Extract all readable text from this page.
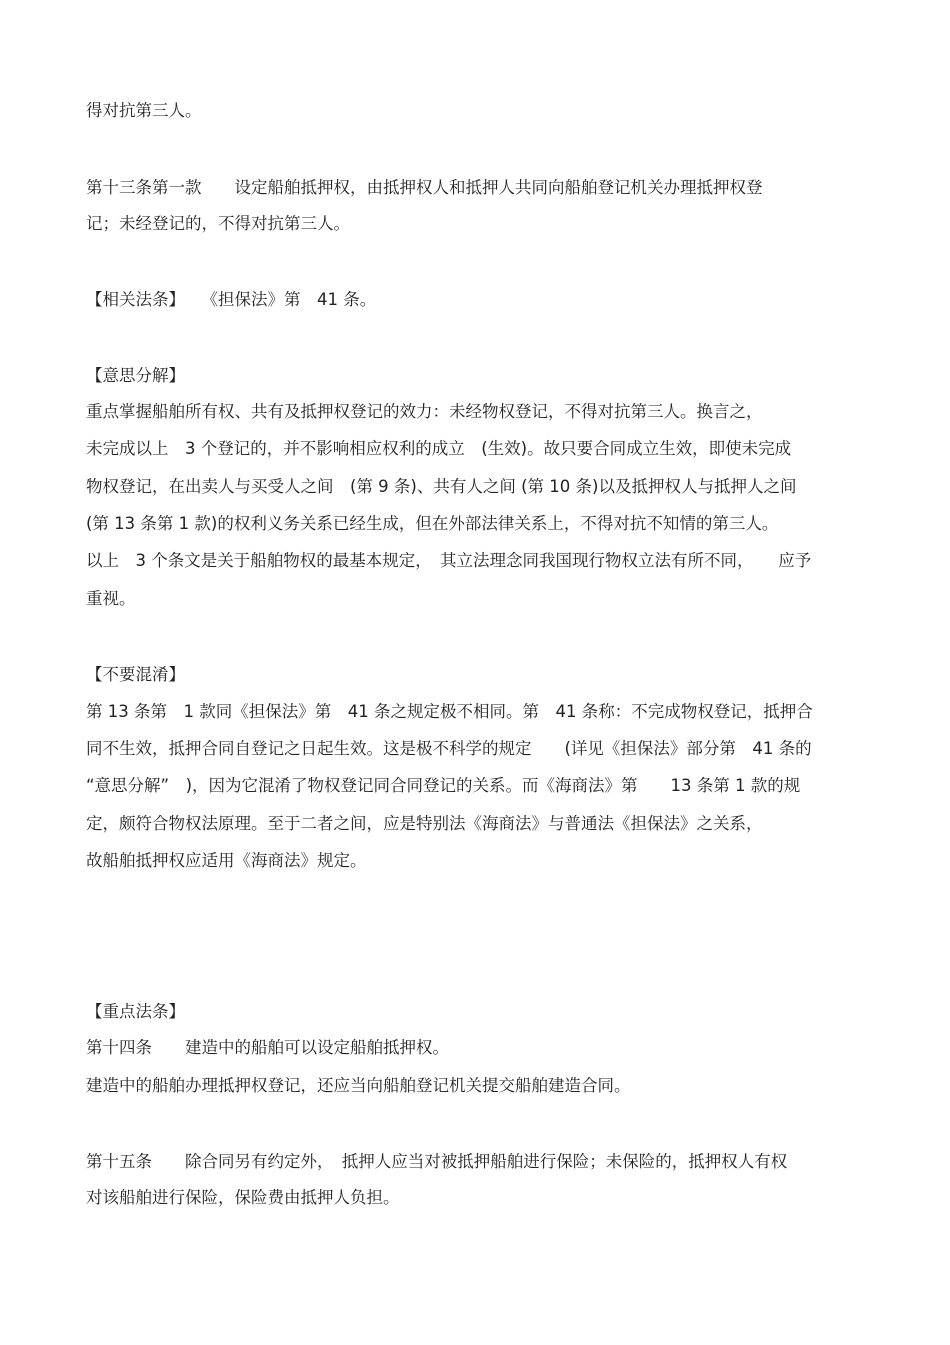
得对抗第三人。
第十三条第一款　　设定船舶抵押权，由抵押权人和抵押人共同向船舶登记机关办理抵押权登
记；未经登记的，不得对抗第三人。
【相关法条】　　《担保法》第　41 条。
【意思分解】
重点掌握船舶所有权、共有及抵押权登记的效力：未经物权登记，不得对抗第三人。换言之，
未完成以上　3 个登记的，并不影响相应权利的成立　(生效)。故只要合同成立生效，即使未完成
物权登记，在出卖人与买受人之间　(第 9 条)、共有人之间 (第 10 条)以及抵押权人与抵押人之间
(第 13 条第 1 款)的权利义务关系已经生成，但在外部法律关系上，不得对抗不知情的第三人。
以上　3 个条文是关于船舶物权的最基本规定，　其立法理念同我国现行物权立法有所不同，　　应予
重视。
【不要混淆】
第 13 条第　1 款同《担保法》第　41 条之规定极不相同。第　41 条称：不完成物权登记，抵押合
同不生效，抵押合同自登记之日起生效。这是极不科学的规定　　(详见《担保法》部分第　41 条的
“意思分解”　)，因为它混淆了物权登记同合同登记的关系。而《海商法》第　　13 条第 1 款的规
定，颇符合物权法原理。至于二者之间，应是特别法《海商法》与普通法《担保法》之关系，
故船舶抵押权应适用《海商法》规定。
【重点法条】
第十四条　　建造中的船舶可以设定船舶抵押权。
建造中的船舶办理抵押权登记，还应当向船舶登记机关提交船舶建造合同。
第十五条　　除合同另有约定外，　抵押人应当对被抵押船舶进行保险；未保险的，抵押权人有权
对该船舶进行保险，保险费由抵押人负担。
